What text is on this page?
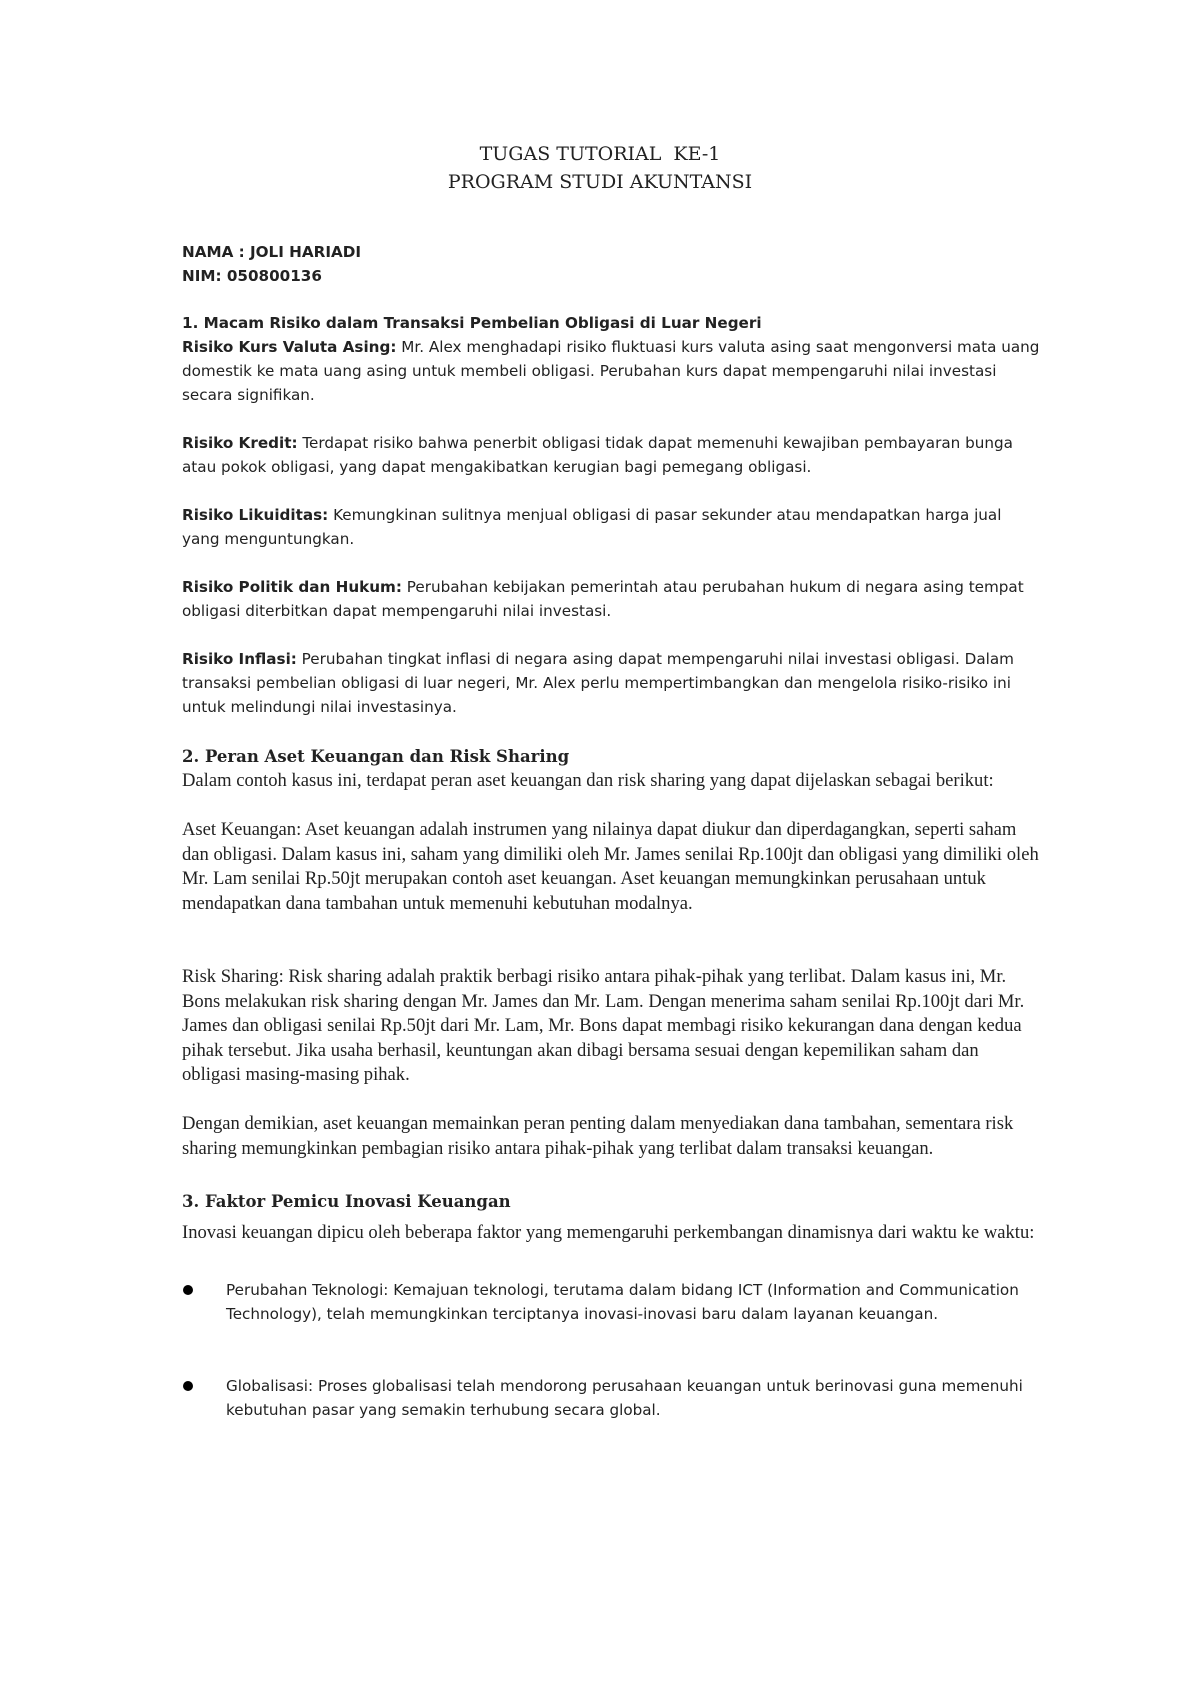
TUGAS TUTORIAL  KE-1
PROGRAM STUDI AKUNTANSI
NAMA : JOLI HARIADI
NIM: 050800136
1. Macam Risiko dalam Transaksi Pembelian Obligasi di Luar Negeri

Risiko Kurs Valuta Asing: Mr. Alex menghadapi risiko fluktuasi kurs valuta asing saat mengonversi mata uang domestik ke mata uang asing untuk membeli obligasi. Perubahan kurs dapat mempengaruhi nilai investasi secara signifikan.

Risiko Kredit: Terdapat risiko bahwa penerbit obligasi tidak dapat memenuhi kewajiban pembayaran bunga atau pokok obligasi, yang dapat mengakibatkan kerugian bagi pemegang obligasi.

Risiko Likuiditas: Kemungkinan sulitnya menjual obligasi di pasar sekunder atau mendapatkan harga jual yang menguntungkan.

Risiko Politik dan Hukum: Perubahan kebijakan pemerintah atau perubahan hukum di negara asing tempat obligasi diterbitkan dapat mempengaruhi nilai investasi.

Risiko Inflasi: Perubahan tingkat inflasi di negara asing dapat mempengaruhi nilai investasi obligasi. Dalam transaksi pembelian obligasi di luar negeri, Mr. Alex perlu mempertimbangkan dan mengelola risiko-risiko ini untuk melindungi nilai investasinya.

2. Peran Aset Keuangan dan Risk Sharing

Dalam contoh kasus ini, terdapat peran aset keuangan dan risk sharing yang dapat dijelaskan sebagai berikut:

Aset Keuangan: Aset keuangan adalah instrumen yang nilainya dapat diukur dan diperdagangkan, seperti saham dan obligasi. Dalam kasus ini, saham yang dimiliki oleh Mr. James senilai Rp.100jt dan obligasi yang dimiliki oleh Mr. Lam senilai Rp.50jt merupakan contoh aset keuangan. Aset keuangan memungkinkan perusahaan untuk mendapatkan dana tambahan untuk memenuhi kebutuhan modalnya.

Risk Sharing: Risk sharing adalah praktik berbagi risiko antara pihak-pihak yang terlibat. Dalam kasus ini, Mr. Bons melakukan risk sharing dengan Mr. James dan Mr. Lam. Dengan menerima saham senilai Rp.100jt dari Mr. James dan obligasi senilai Rp.50jt dari Mr. Lam, Mr. Bons dapat membagi risiko kekurangan dana dengan kedua pihak tersebut. Jika usaha berhasil, keuntungan akan dibagi bersama sesuai dengan kepemilikan saham dan obligasi masing-masing pihak.

Dengan demikian, aset keuangan memainkan peran penting dalam menyediakan dana tambahan, sementara risk sharing memungkinkan pembagian risiko antara pihak-pihak yang terlibat dalam transaksi keuangan.

3. Faktor Pemicu Inovasi Keuangan

Inovasi keuangan dipicu oleh beberapa faktor yang memengaruhi perkembangan dinamisnya dari waktu ke waktu:

Perubahan Teknologi: Kemajuan teknologi, terutama dalam bidang ICT (Information and Communication Technology), telah memungkinkan terciptanya inovasi-inovasi baru dalam layanan keuangan.
Globalisasi: Proses globalisasi telah mendorong perusahaan keuangan untuk berinovasi guna memenuhi kebutuhan pasar yang semakin terhubung secara global.
